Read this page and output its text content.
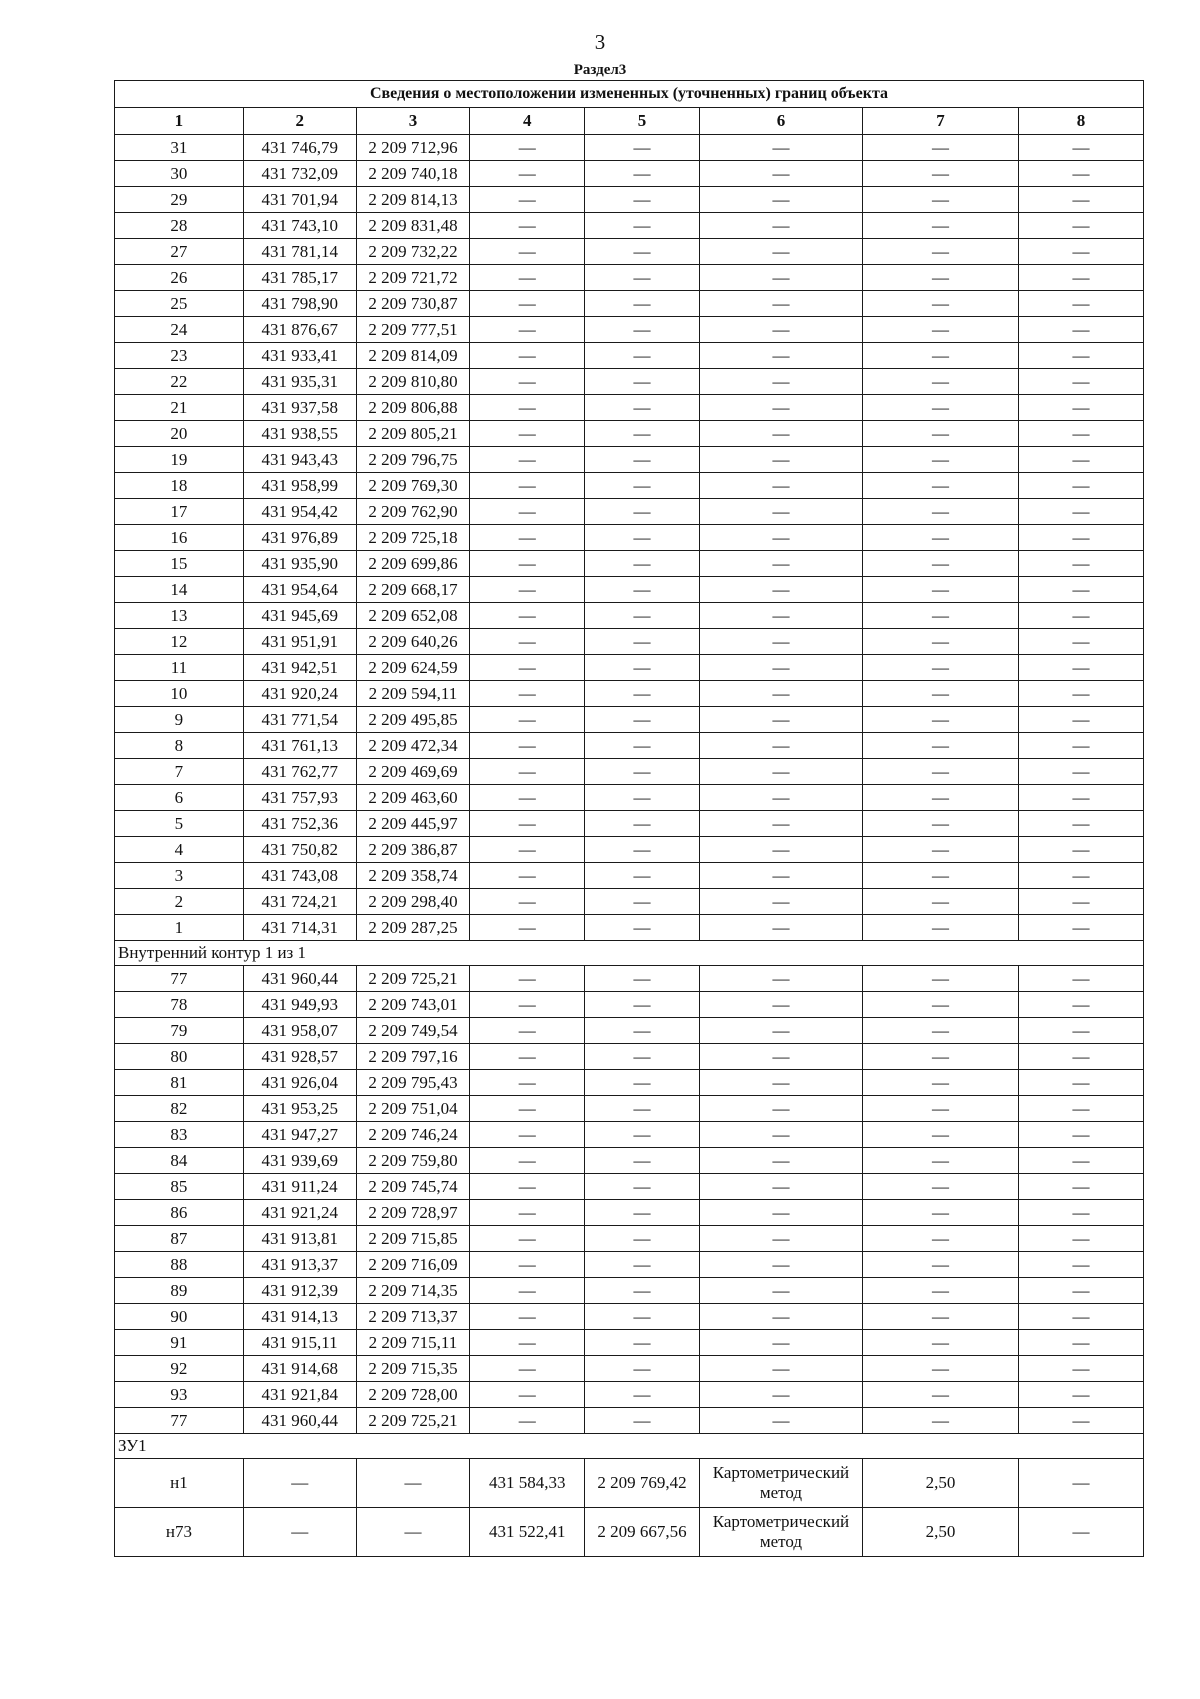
3
Раздел3
Сведения о местоположении измененных (уточненных) границ объекта							
1	2	3	4	5	6	7	8
31	431 746,79	2 209 712,96	—	—	—	—	—
30	431 732,09	2 209 740,18	—	—	—	—	—
29	431 701,94	2 209 814,13	—	—	—	—	—
28	431 743,10	2 209 831,48	—	—	—	—	—
27	431 781,14	2 209 732,22	—	—	—	—	—
26	431 785,17	2 209 721,72	—	—	—	—	—
25	431 798,90	2 209 730,87	—	—	—	—	—
24	431 876,67	2 209 777,51	—	—	—	—	—
23	431 933,41	2 209 814,09	—	—	—	—	—
22	431 935,31	2 209 810,80	—	—	—	—	—
21	431 937,58	2 209 806,88	—	—	—	—	—
20	431 938,55	2 209 805,21	—	—	—	—	—
19	431 943,43	2 209 796,75	—	—	—	—	—
18	431 958,99	2 209 769,30	—	—	—	—	—
17	431 954,42	2 209 762,90	—	—	—	—	—
16	431 976,89	2 209 725,18	—	—	—	—	—
15	431 935,90	2 209 699,86	—	—	—	—	—
14	431 954,64	2 209 668,17	—	—	—	—	—
13	431 945,69	2 209 652,08	—	—	—	—	—
12	431 951,91	2 209 640,26	—	—	—	—	—
11	431 942,51	2 209 624,59	—	—	—	—	—
10	431 920,24	2 209 594,11	—	—	—	—	—
9	431 771,54	2 209 495,85	—	—	—	—	—
8	431 761,13	2 209 472,34	—	—	—	—	—
7	431 762,77	2 209 469,69	—	—	—	—	—
6	431 757,93	2 209 463,60	—	—	—	—	—
5	431 752,36	2 209 445,97	—	—	—	—	—
4	431 750,82	2 209 386,87	—	—	—	—	—
3	431 743,08	2 209 358,74	—	—	—	—	—
2	431 724,21	2 209 298,40	—	—	—	—	—
1	431 714,31	2 209 287,25	—	—	—	—	—
Внутренний контур 1 из 1							
77	431 960,44	2 209 725,21	—	—	—	—	—
78	431 949,93	2 209 743,01	—	—	—	—	—
79	431 958,07	2 209 749,54	—	—	—	—	—
80	431 928,57	2 209 797,16	—	—	—	—	—
81	431 926,04	2 209 795,43	—	—	—	—	—
82	431 953,25	2 209 751,04	—	—	—	—	—
83	431 947,27	2 209 746,24	—	—	—	—	—
84	431 939,69	2 209 759,80	—	—	—	—	—
85	431 911,24	2 209 745,74	—	—	—	—	—
86	431 921,24	2 209 728,97	—	—	—	—	—
87	431 913,81	2 209 715,85	—	—	—	—	—
88	431 913,37	2 209 716,09	—	—	—	—	—
89	431 912,39	2 209 714,35	—	—	—	—	—
90	431 914,13	2 209 713,37	—	—	—	—	—
91	431 915,11	2 209 715,11	—	—	—	—	—
92	431 914,68	2 209 715,35	—	—	—	—	—
93	431 921,84	2 209 728,00	—	—	—	—	—
77	431 960,44	2 209 725,21	—	—	—	—	—
ЗУ1							
н1	—	—	431 584,33	2 209 769,42	Картометрический метод	2,50	—
н73	—	—	431 522,41	2 209 667,56	Картометрический метод	2,50	—
